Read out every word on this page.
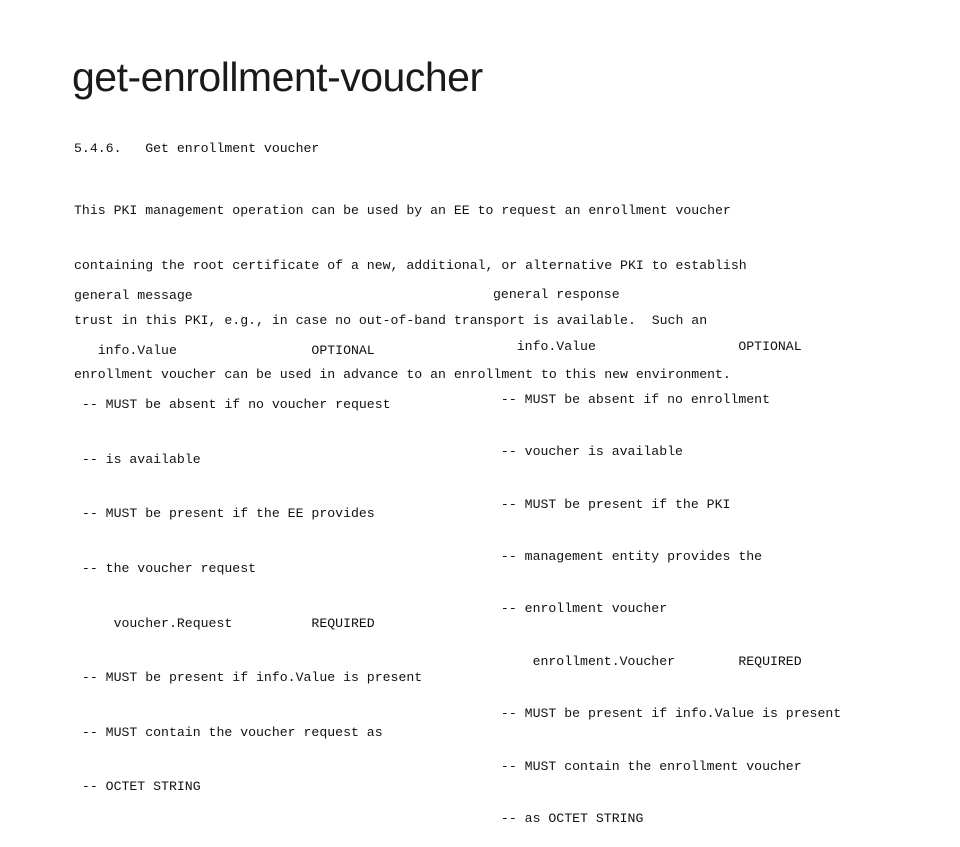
get-enrollment-voucher
5.4.6.   Get enrollment voucher

This PKI management operation can be used by an EE to request an enrollment voucher

containing the root certificate of a new, additional, or alternative PKI to establish

trust in this PKI, e.g., in case no out-of-band transport is available.  Such an

enrollment voucher can be used in advance to an enrollment to this new environment.

general message

info.Value                 OPTIONAL

-- MUST be absent if no voucher request

-- is available

-- MUST be present if the EE provides

-- the voucher request

voucher.Request          REQUIRED

-- MUST be present if info.Value is present

-- MUST contain the voucher request as

-- OCTET STRING

general response

info.Value                  OPTIONAL

-- MUST be absent if no enrollment

-- voucher is available

-- MUST be present if the PKI

-- management entity provides the

-- enrollment voucher

enrollment.Voucher        REQUIRED

-- MUST be present if info.Value is present

-- MUST contain the enrollment voucher

-- as OCTET STRING
